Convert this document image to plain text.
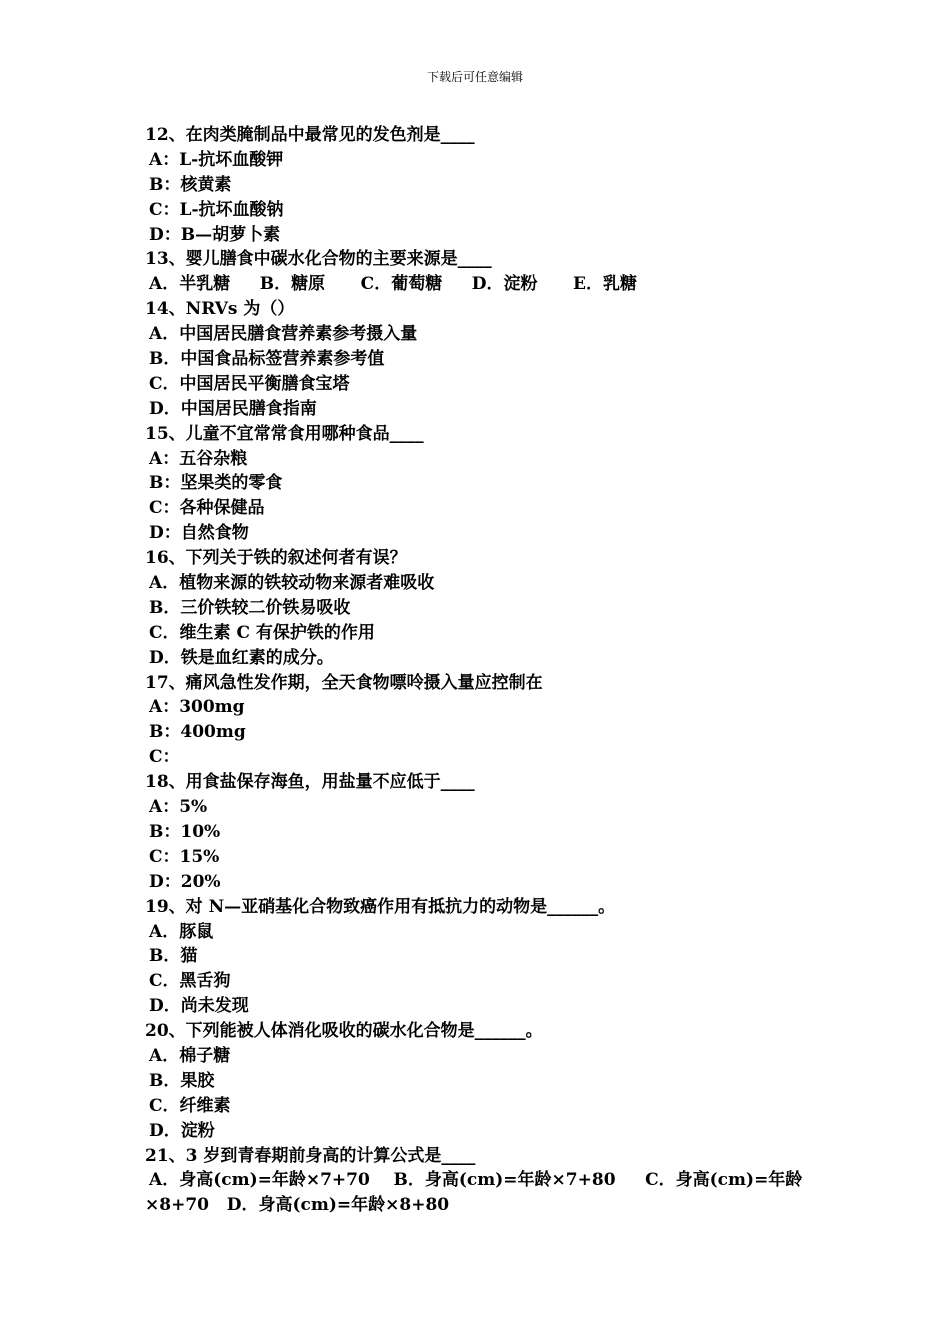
下载后可任意编辑
12、在肉类腌制品中最常见的发色剂是____
A：L-抗坏血酸钾
B：核黄素
C：L-抗坏血酸钠
D：B—胡萝卜素
13、婴儿膳食中碳水化合物的主要来源是____
A．半乳糖     B．糖原      C．葡萄糖     D．淀粉      E．乳糖
14、NRVs 为（）
A．中国居民膳食营养素参考摄入量
B．中国食品标签营养素参考值
C．中国居民平衡膳食宝塔
D．中国居民膳食指南
15、儿童不宜常常食用哪种食品____
A：五谷杂粮
B：坚果类的零食
C：各种保健品
D：自然食物
16、下列关于铁的叙述何者有误？
A．植物来源的铁较动物来源者难吸收
B．三价铁较二价铁易吸收
C．维生素 C 有保护铁的作用
D．铁是血红素的成分。
17、痛风急性发作期，全天食物嘌呤摄入量应控制在
A：300mg
B：400mg
C：
18、用食盐保存海鱼，用盐量不应低于____
A：5%
B：10%
C：15%
D：20%
19、对 N—亚硝基化合物致癌作用有抵抗力的动物是______。
A．豚鼠
B．猫
C．黑舌狗
D．尚未发现
20、下列能被人体消化吸收的碳水化合物是______。
A．棉子糖
B．果胶
C．纤维素
D．淀粉
21、3 岁到青春期前身高的计算公式是____
A．身高(cm)=年龄×7+70    B．身高(cm)=年龄×7+80     C．身高(cm)=年龄
×8+70   D．身高(cm)=年龄×8+80
